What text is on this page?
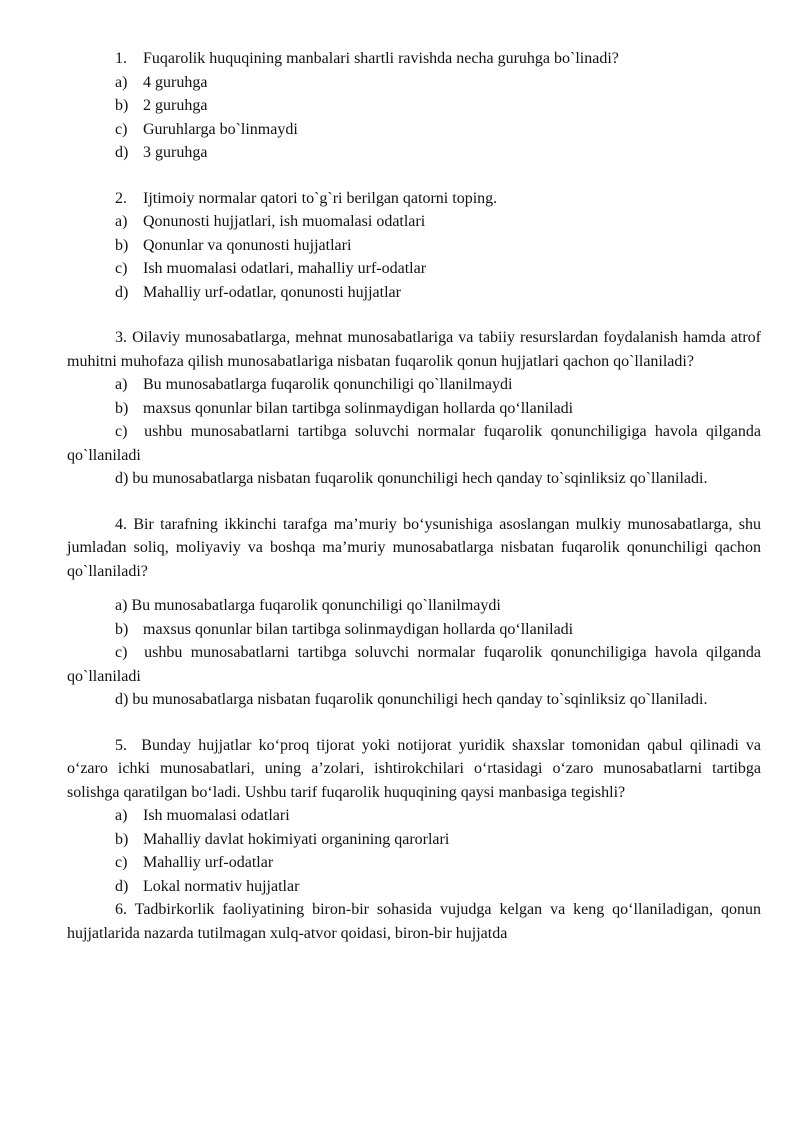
1.	Fuqarolik huquqining manbalari shartli ravishda necha guruhga bo`linadi?
a) 4 guruhga
b) 2 guruhga
c) Guruhlarga bo`linmaydi
d) 3 guruhga
2.	Ijtimoiy normalar qatori to`g`ri berilgan qatorni toping.
a) Qonunosti hujjatlari, ish muomalasi odatlari
b) Qonunlar va qonunosti hujjatlari
c) Ish muomalasi odatlari, mahalliy urf-odatlar
d) Mahalliy urf-odatlar, qonunosti hujjatlar

3. Oilaviy munosabatlarga, mehnat munosabatlariga va tabiiy resurslardan foydalanish hamda atrof muhitni muhofaza qilish munosabatlariga nisbatan fuqarolik qonun hujjatlari qachon qo`llaniladi?

a) Bu munosabatlarga fuqarolik qonunchiligi qo`llanilmaydi
b) maxsus qonunlar bilan tartibga solinmaydigan hollarda qo‘llaniladi

c) ushbu munosabatlarni tartibga soluvchi normalar fuqarolik qonunchiligiga havola qilganda qo`llaniladi

d) bu munosabatlarga nisbatan fuqarolik qonunchiligi hech qanday to`sqinliksiz qo`llaniladi.

4. Bir tarafning ikkinchi tarafga ma’muriy bo‘ysunishiga asoslangan mulkiy munosabatlarga, shu jumladan soliq, moliyaviy va boshqa ma’muriy munosabatlarga nisbatan fuqarolik qonunchiligi qachon qo`llaniladi?

a) Bu munosabatlarga fuqarolik qonunchiligi qo`llanilmaydi
b) maxsus qonunlar bilan tartibga solinmaydigan hollarda qo‘llaniladi

c) ushbu munosabatlarni tartibga soluvchi normalar fuqarolik qonunchiligiga havola qilganda qo`llaniladi

d) bu munosabatlarga nisbatan fuqarolik qonunchiligi hech qanday to`sqinliksiz qo`llaniladi.

5. Bunday hujjatlar ko‘proq tijorat yoki notijorat yuridik shaxslar tomonidan qabul qilinadi va o‘zaro ichki munosabatlari, uning a’zolari, ishtirokchilari o‘rtasidagi o‘zaro munosabatlarni tartibga solishga qaratilgan bo‘ladi. Ushbu tarif fuqarolik huquqining qaysi manbasiga tegishli?

a) Ish muomalasi odatlari
b) Mahalliy davlat hokimiyati organining qarorlari
c) Mahalliy urf-odatlar
d) Lokal normativ hujjatlar

6. Tadbirkorlik faoliyatining biron-bir sohasida vujudga kelgan va keng qo‘llaniladigan, qonun hujjatlarida nazarda tutilmagan xulq-atvor qoidasi, biron-bir hujjatda
